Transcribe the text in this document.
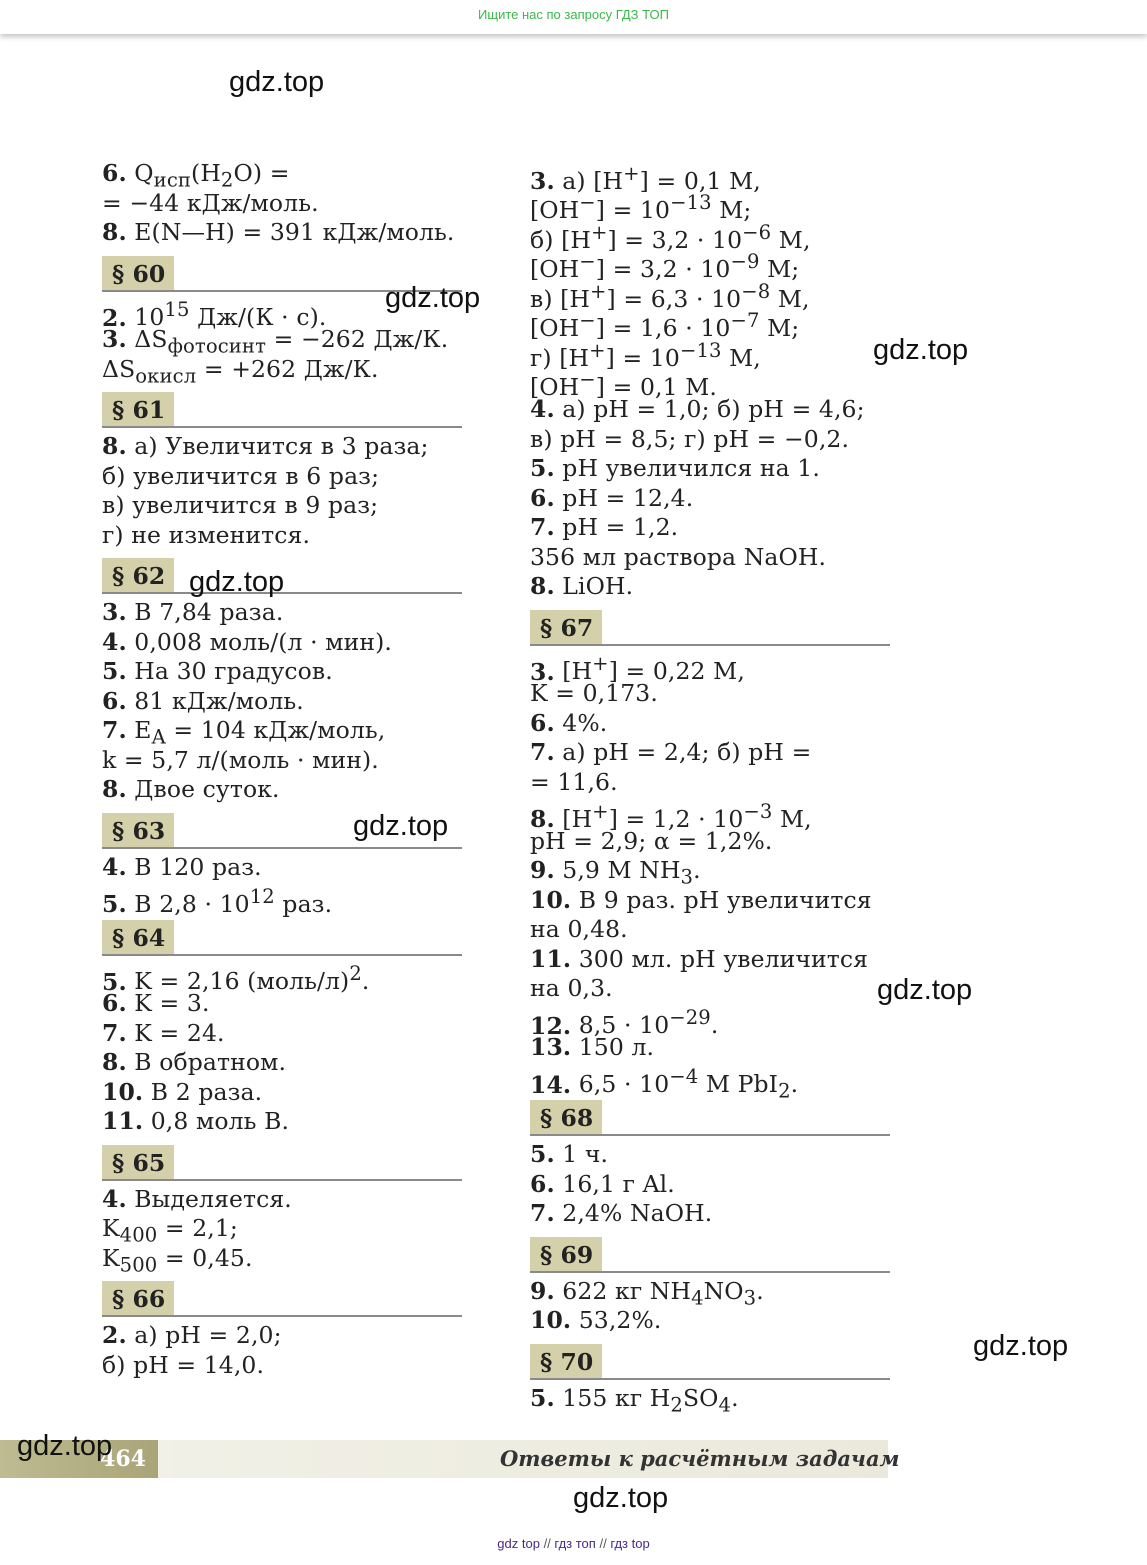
Ищите нас по запросу ГДЗ ТОП
6. $Q_{исп}(H_2O)$ =
= −44 кДж/моль.
8. E(N—H) = 391 кДж/моль.
§ 60
2. $10^{15}$ Дж/(К · с).
3. $\Delta S_{фотосинт} = -262$ Дж/К.
$\Delta S_{окисл} = +262$ Дж/К.
§ 61
8. а) Увеличится в 3 раза;
б) увеличится в 6 раз;
в) увеличится в 9 раз;
г) не изменится.
§ 62
3. В 7,84 раза.
4. 0,008 моль/(л · мин).
5. На 30 градусов.
6. 81 кДж/моль.
7. $E_A = 104$ кДж/моль,
k = 5,7 л/(моль · мин).
8. Двое суток.
§ 63
4. В 120 раз.
5. В $2,8 \cdot 10^{12}$ раз.
§ 64
5. K = 2,16 (моль/л)$^2$.
6. K = 3.
7. K = 24.
8. В обратном.
10. В 2 раза.
11. 0,8 моль В.
§ 65
4. Выделяется.
$K_{400} = 2,1$;
$K_{500} = 0,45$.
§ 66
2. а) pH = 2,0;
б) pH = 14,0.
3. а) [H+] = 0,1 M,
$[OH^-] = 10^{-13}$ M;
б) $[H^+] = 3,2 \cdot 10^{-6}$ M,
$[OH^-] = 3,2 \cdot 10^{-9}$ M;
в) $[H^+] = 6,3 \cdot 10^{-8}$ M,
$[OH^-] = 1,6 \cdot 10^{-7}$ M;
г) $[H^+] = 10^{-13}$ M,
[OH−] = 0,1 M.
4. а) pH = 1,0; б) pH = 4,6;
в) pH = 8,5; г) pH = −0,2.
5. pH увеличился на 1.
6. pH = 12,4.
7. pH = 1,2.
356 мл раствора NaOH.
8. LiOH.
§ 67
3. [H+] = 0,22 M,
K = 0,173.
6. 4%.
7. а) pH = 2,4; б) pH =
= 11,6.
8. $[H^+] = 1,2 \cdot 10^{-3}$ M,
pH = 2,9; α = 1,2%.
9. 5,9 M $NH_3$.
10. В 9 раз. pH увеличится
на 0,48.
11. 300 мл. pH увеличится
на 0,3.
12. $8,5 \cdot 10^{-29}$.
13. 150 л.
14. $6,5 \cdot 10^{-4}$ M PbI$_2$.
§ 68
5. 1 ч.
6. 16,1 г Al.
7. 2,4% NaOH.
§ 69
9. 622 кг $NH_4NO_3$.
10. 53,2%.
§ 70
5. 155 кг $H_2SO_4$.
gdz.top
gdz.top
gdz.top
gdz.top
gdz.top
gdz.top
gdz.top
464	Ответы к расчётным задачам
gdz.top
gdz.top
gdz top // гдз топ // гдз top
